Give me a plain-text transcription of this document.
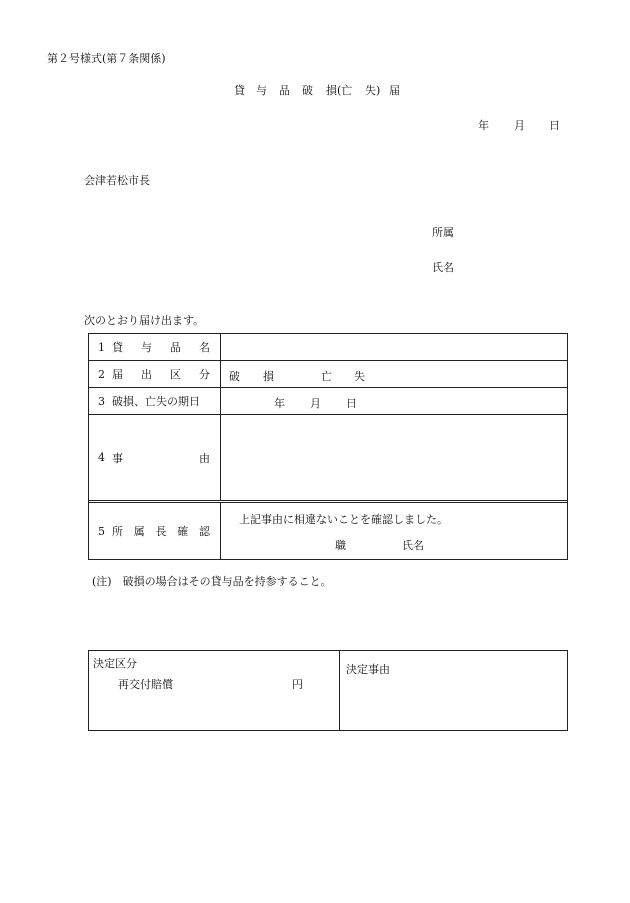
第２号様式(第７条関係)
貸 与 品 破 損(亡 失) 届
年 月 日
会津若松市長
所属
氏名
次のとおり届け出ます。
1 貸 与 品 名
2 届 出 区 分 破 損	亡 失
3 破損、亡失の期日	年 月 日
4 事	由
5 所 属 長 確 認
上記事由に相違ないことを確認しました。
職	氏名
(注)　破損の場合はその貸与品を持参すること。
決定区分
再交付賠償	円
決定事由
